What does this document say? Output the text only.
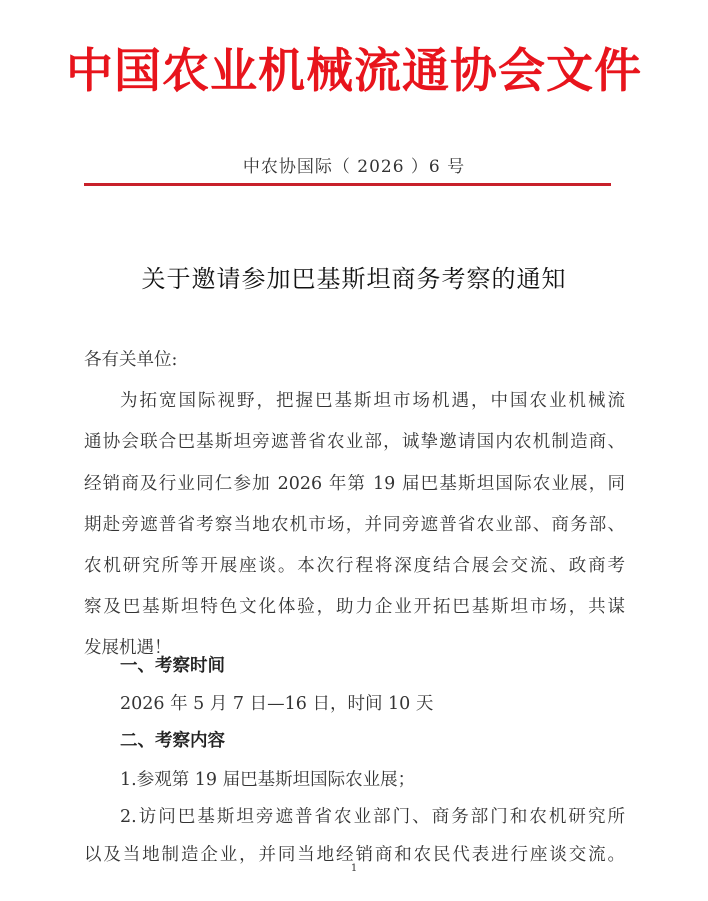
中国农业机械流通协会文件
中农协国际（ 2026 ）6 号
关于邀请参加巴基斯坦商务考察的通知
各有关单位:
为拓宽国际视野，把握巴基斯坦市场机遇，中国农业机械流
通协会联合巴基斯坦旁遮普省农业部，诚挚邀请国内农机制造商、
经销商及行业同仁参加 2026 年第 19 届巴基斯坦国际农业展，同
期赴旁遮普省考察当地农机市场，并同旁遮普省农业部、商务部、
农机研究所等开展座谈。本次行程将深度结合展会交流、政商考
察及巴基斯坦特色文化体验，助力企业开拓巴基斯坦市场，共谋
发展机遇！
一、考察时间
2026 年 5 月 7 日—16 日，时间 10 天
二、考察内容
1.参观第 19 届巴基斯坦国际农业展；
2.访问巴基斯坦旁遮普省农业部门、商务部门和农机研究所
以及当地制造企业，并同当地经销商和农民代表进行座谈交流。
1
